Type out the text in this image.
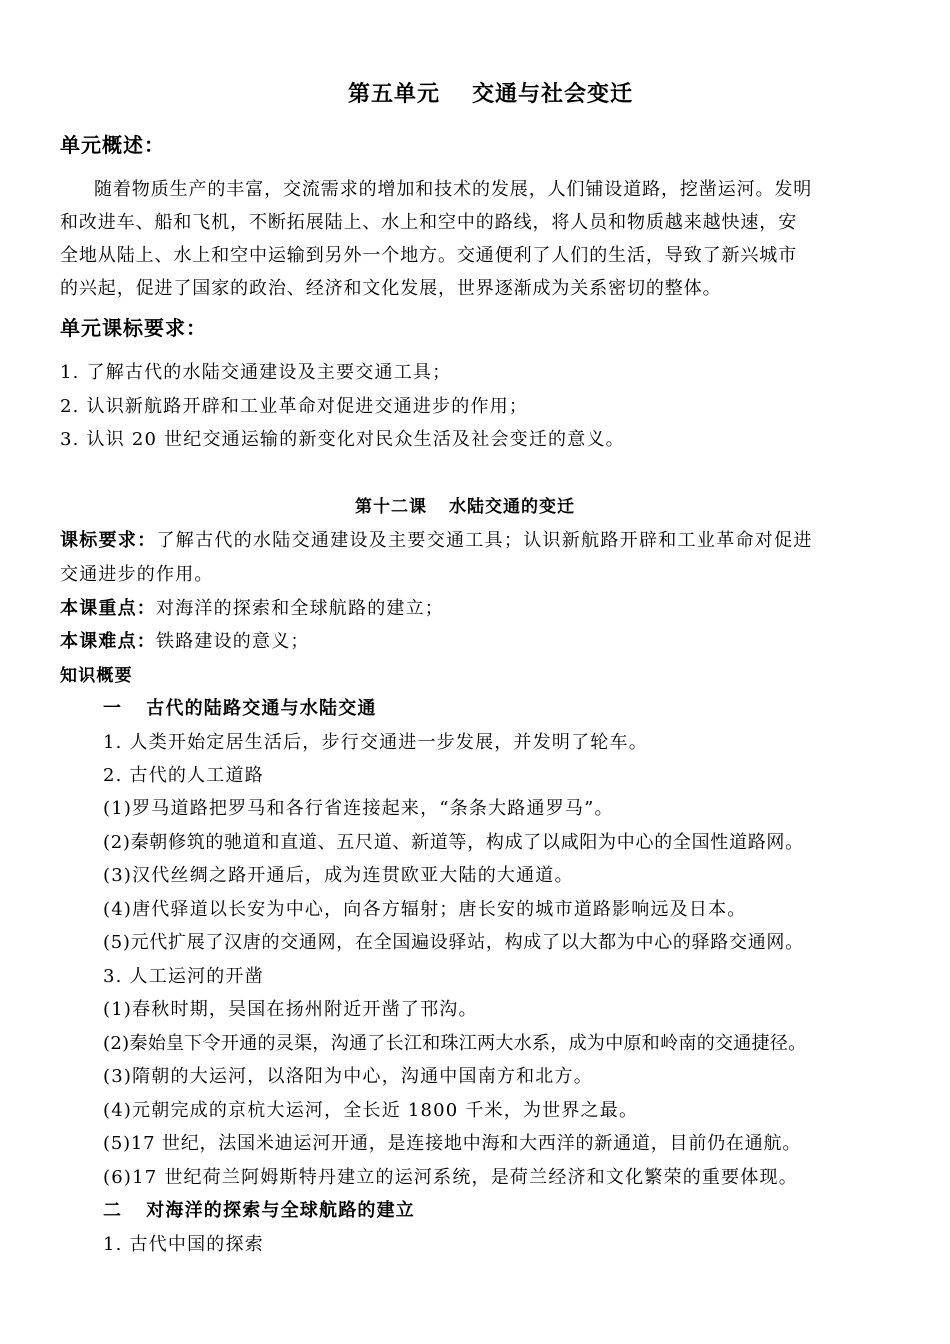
第五单元 交通与社会变迁
单元概述：
随着物质生产的丰富，交流需求的增加和技术的发展，人们铺设道路，挖凿运河。发明
和改进车、船和飞机，不断拓展陆上、水上和空中的路线，将人员和物质越来越快速，安
全地从陆上、水上和空中运输到另外一个地方。交通便利了人们的生活，导致了新兴城市
的兴起，促进了国家的政治、经济和文化发展，世界逐渐成为关系密切的整体。
单元课标要求：
1. 了解古代的水陆交通建设及主要交通工具；
2. 认识新航路开辟和工业革命对促进交通进步的作用；
3. 认识 20 世纪交通运输的新变化对民众生活及社会变迁的意义。
第十二课 水陆交通的变迁
课标要求：了解古代的水陆交通建设及主要交通工具；认识新航路开辟和工业革命对促进
交通进步的作用。
本课重点：对海洋的探索和全球航路的建立；
本课难点：铁路建设的意义；
知识概要
一 古代的陆路交通与水陆交通
1. 人类开始定居生活后，步行交通进一步发展，并发明了轮车。
2. 古代的人工道路
(1)罗马道路把罗马和各行省连接起来，“条条大路通罗马”。
(2)秦朝修筑的驰道和直道、五尺道、新道等，构成了以咸阳为中心的全国性道路网。
(3)汉代丝绸之路开通后，成为连贯欧亚大陆的大通道。
(4)唐代驿道以长安为中心，向各方辐射；唐长安的城市道路影响远及日本。
(5)元代扩展了汉唐的交通网，在全国遍设驿站，构成了以大都为中心的驿路交通网。
3. 人工运河的开凿
(1)春秋时期，吴国在扬州附近开凿了邗沟。
(2)秦始皇下令开通的灵渠，沟通了长江和珠江两大水系，成为中原和岭南的交通捷径。
(3)隋朝的大运河，以洛阳为中心，沟通中国南方和北方。
(4)元朝完成的京杭大运河，全长近 1800 千米，为世界之最。
(5)17 世纪，法国米迪运河开通，是连接地中海和大西洋的新通道，目前仍在通航。
(6)17 世纪荷兰阿姆斯特丹建立的运河系统，是荷兰经济和文化繁荣的重要体现。
二 对海洋的探索与全球航路的建立
1. 古代中国的探索
